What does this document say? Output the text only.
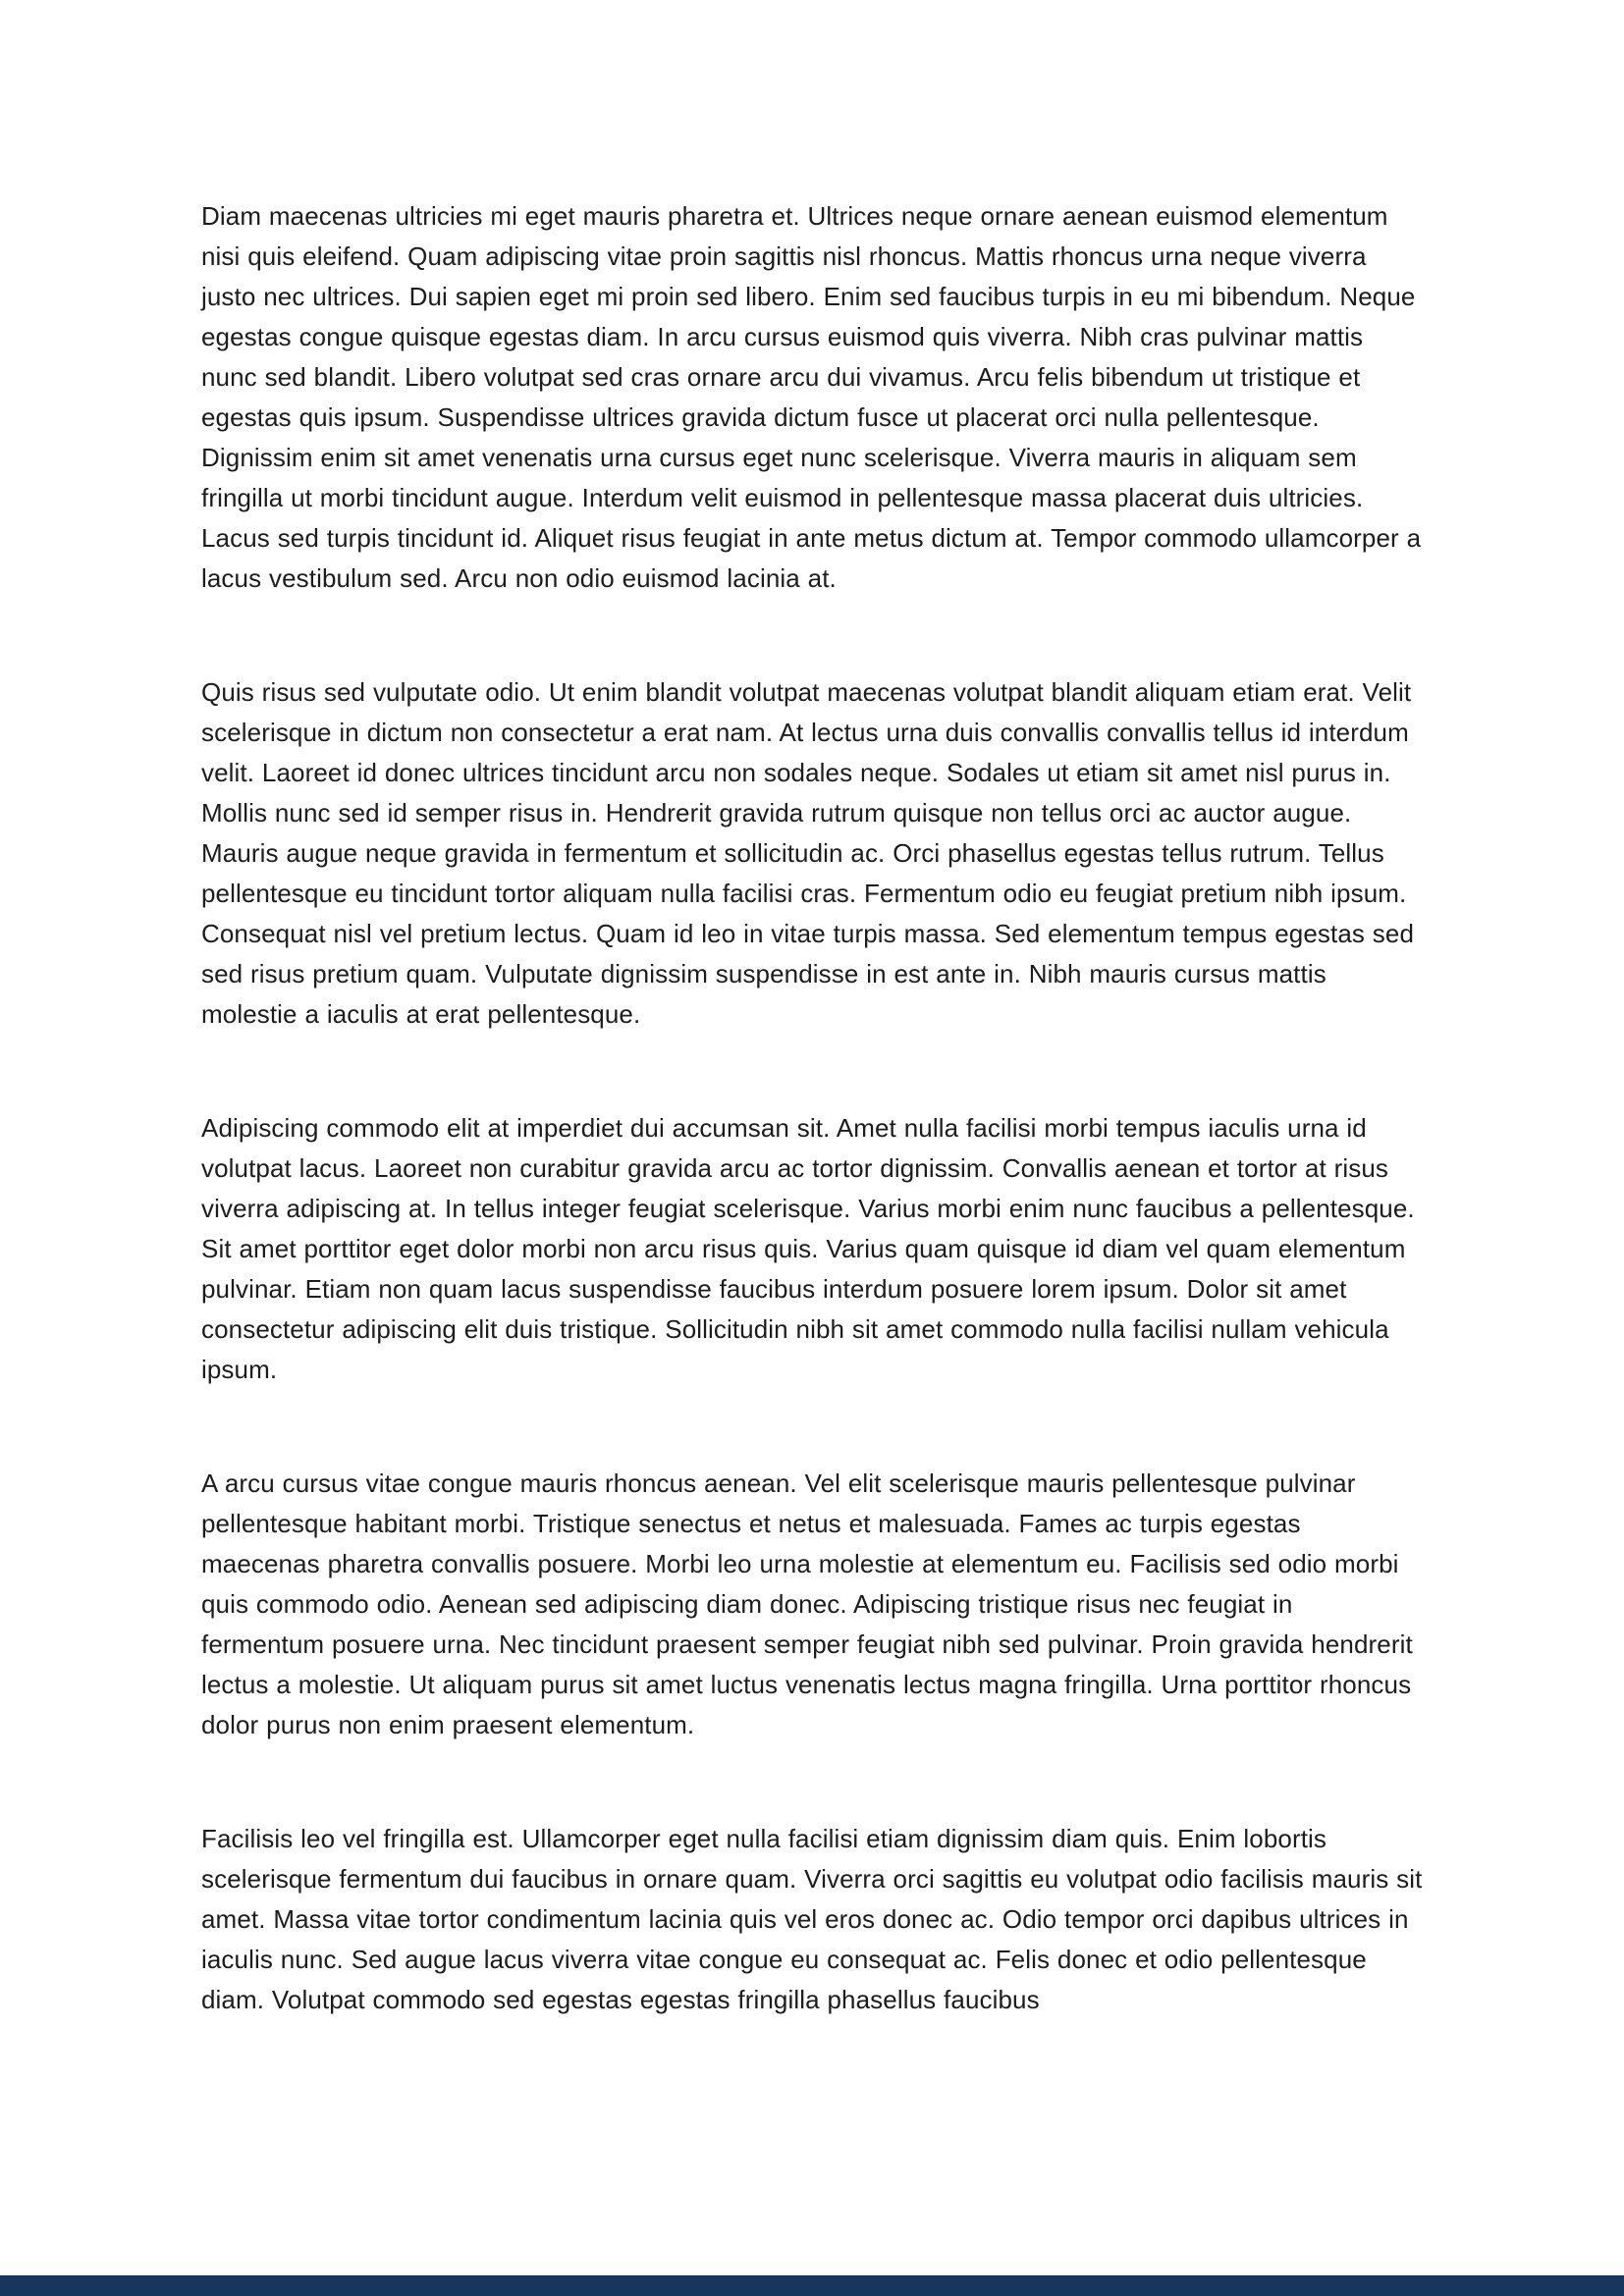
Diam maecenas ultricies mi eget mauris pharetra et. Ultrices neque ornare aenean euismod elementum nisi quis eleifend. Quam adipiscing vitae proin sagittis nisl rhoncus. Mattis rhoncus urna neque viverra justo nec ultrices. Dui sapien eget mi proin sed libero. Enim sed faucibus turpis in eu mi bibendum. Neque egestas congue quisque egestas diam. In arcu cursus euismod quis viverra. Nibh cras pulvinar mattis nunc sed blandit. Libero volutpat sed cras ornare arcu dui vivamus. Arcu felis bibendum ut tristique et egestas quis ipsum. Suspendisse ultrices gravida dictum fusce ut placerat orci nulla pellentesque. Dignissim enim sit amet venenatis urna cursus eget nunc scelerisque. Viverra mauris in aliquam sem fringilla ut morbi tincidunt augue. Interdum velit euismod in pellentesque massa placerat duis ultricies. Lacus sed turpis tincidunt id. Aliquet risus feugiat in ante metus dictum at. Tempor commodo ullamcorper a lacus vestibulum sed. Arcu non odio euismod lacinia at.

Quis risus sed vulputate odio. Ut enim blandit volutpat maecenas volutpat blandit aliquam etiam erat. Velit scelerisque in dictum non consectetur a erat nam. At lectus urna duis convallis convallis tellus id interdum velit. Laoreet id donec ultrices tincidunt arcu non sodales neque. Sodales ut etiam sit amet nisl purus in. Mollis nunc sed id semper risus in. Hendrerit gravida rutrum quisque non tellus orci ac auctor augue. Mauris augue neque gravida in fermentum et sollicitudin ac. Orci phasellus egestas tellus rutrum. Tellus pellentesque eu tincidunt tortor aliquam nulla facilisi cras. Fermentum odio eu feugiat pretium nibh ipsum. Consequat nisl vel pretium lectus. Quam id leo in vitae turpis massa. Sed elementum tempus egestas sed sed risus pretium quam. Vulputate dignissim suspendisse in est ante in. Nibh mauris cursus mattis molestie a iaculis at erat pellentesque.

Adipiscing commodo elit at imperdiet dui accumsan sit. Amet nulla facilisi morbi tempus iaculis urna id volutpat lacus. Laoreet non curabitur gravida arcu ac tortor dignissim. Convallis aenean et tortor at risus viverra adipiscing at. In tellus integer feugiat scelerisque. Varius morbi enim nunc faucibus a pellentesque. Sit amet porttitor eget dolor morbi non arcu risus quis. Varius quam quisque id diam vel quam elementum pulvinar. Etiam non quam lacus suspendisse faucibus interdum posuere lorem ipsum. Dolor sit amet consectetur adipiscing elit duis tristique. Sollicitudin nibh sit amet commodo nulla facilisi nullam vehicula ipsum.

A arcu cursus vitae congue mauris rhoncus aenean. Vel elit scelerisque mauris pellentesque pulvinar pellentesque habitant morbi. Tristique senectus et netus et malesuada. Fames ac turpis egestas maecenas pharetra convallis posuere. Morbi leo urna molestie at elementum eu. Facilisis sed odio morbi quis commodo odio. Aenean sed adipiscing diam donec. Adipiscing tristique risus nec feugiat in fermentum posuere urna. Nec tincidunt praesent semper feugiat nibh sed pulvinar. Proin gravida hendrerit lectus a molestie. Ut aliquam purus sit amet luctus venenatis lectus magna fringilla. Urna porttitor rhoncus dolor purus non enim praesent elementum.

Facilisis leo vel fringilla est. Ullamcorper eget nulla facilisi etiam dignissim diam quis. Enim lobortis scelerisque fermentum dui faucibus in ornare quam. Viverra orci sagittis eu volutpat odio facilisis mauris sit amet. Massa vitae tortor condimentum lacinia quis vel eros donec ac. Odio tempor orci dapibus ultrices in iaculis nunc. Sed augue lacus viverra vitae congue eu consequat ac. Felis donec et odio pellentesque diam. Volutpat commodo sed egestas egestas fringilla phasellus faucibus
